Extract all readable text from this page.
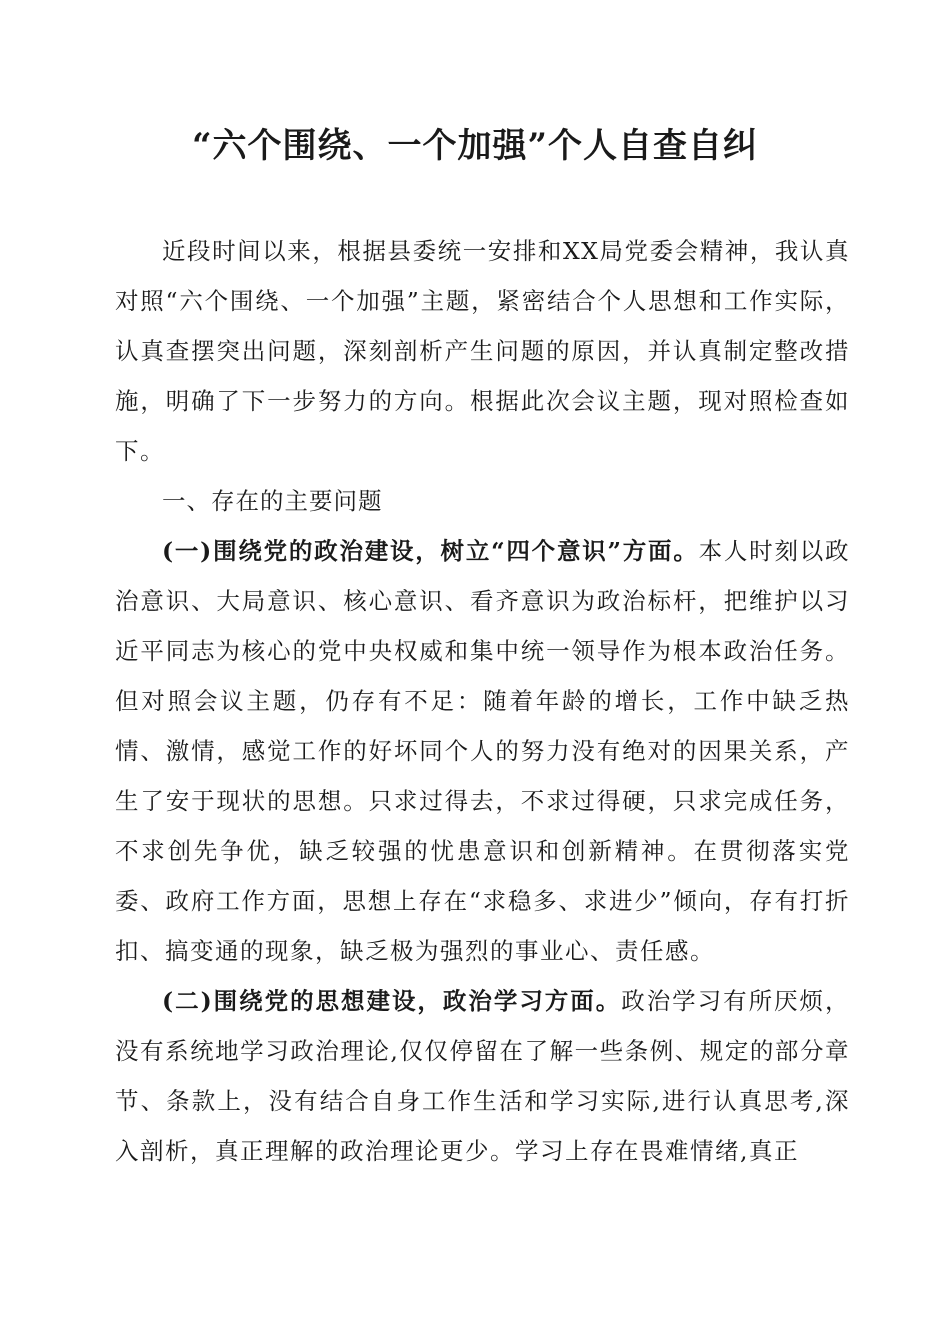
“六个围绕、一个加强”个人自查自纠

近段时间以来，根据县委统一安排和XX局党委会精神，我认真对照“六个围绕、一个加强”主题，紧密结合个人思想和工作实际，认真查摆突出问题，深刻剖析产生问题的原因，并认真制定整改措施，明确了下一步努力的方向。根据此次会议主题，现对照检查如下。

一、存在的主要问题

(一)围绕党的政治建设，树立“四个意识”方面。本人时刻以政治意识、大局意识、核心意识、看齐意识为政治标杆，把维护以习近平同志为核心的党中央权威和集中统一领导作为根本政治任务。但对照会议主题，仍存有不足：随着年龄的增长，工作中缺乏热情、激情，感觉工作的好坏同个人的努力没有绝对的因果关系，产生了安于现状的思想。只求过得去，不求过得硬，只求完成任务，不求创先争优，缺乏较强的忧患意识和创新精神。在贯彻落实党委、政府工作方面，思想上存在“求稳多、求进少”倾向，存有打折扣、搞变通的现象，缺乏极为强烈的事业心、责任感。

(二)围绕党的思想建设，政治学习方面。政治学习有所厌烦，没有系统地学习政治理论,仅仅停留在了解一些条例、规定的部分章节、条款上，没有结合自身工作生活和学习实际,进行认真思考,深入剖析，真正理解的政治理论更少。学习上存在畏难情绪,真正
